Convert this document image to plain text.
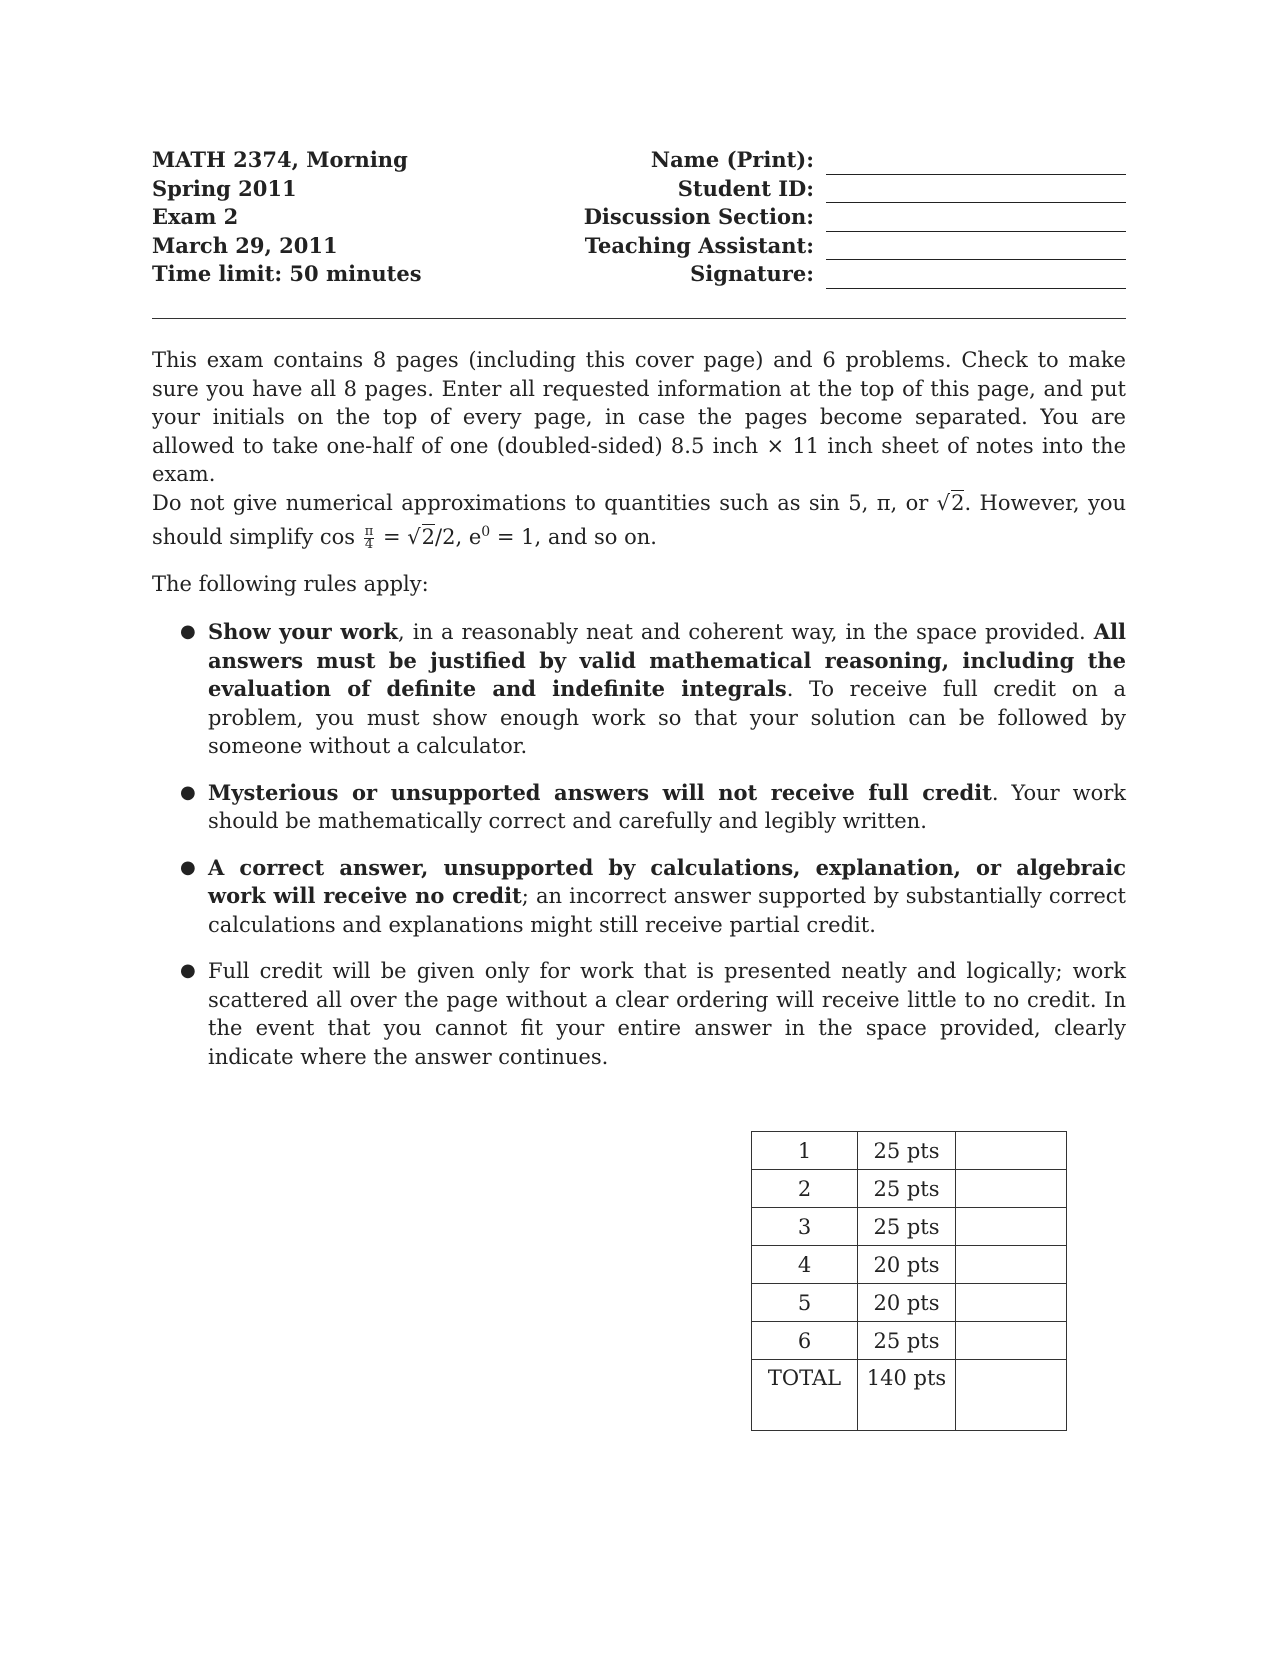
MATH 2374, Morning
Spring 2011
Exam 2
March 29, 2011
Time limit: 50 minutes
Name (Print):
Student ID:
Discussion Section:
Teaching Assistant:
Signature:
This exam contains 8 pages (including this cover page) and 6 problems. Check to make sure you have all 8 pages. Enter all requested information at the top of this page, and put your initials on the top of every page, in case the pages become separated. You are allowed to take one-half of one (doubled-sided) 8.5 inch × 11 inch sheet of notes into the exam.
Do not give numerical approximations to quantities such as sin 5, π, or √2. However, you should simplify $\cos \frac{\pi}{4} = √2/2$, $e^0 = 1$, and so on.
The following rules apply:
● Show your work, in a reasonably neat and coherent way, in the space provided. All answers must be justified by valid mathematical reasoning, including the evaluation of definite and indefinite integrals. To receive full credit on a problem, you must show enough work so that your solution can be followed by someone without a calculator.
● Mysterious or unsupported answers will not receive full credit. Your work should be mathematically correct and carefully and legibly written.
● A correct answer, unsupported by calculations, explanation, or algebraic work will receive no credit; an incorrect answer supported by substantially correct calculations and explanations might still receive partial credit.
● Full credit will be given only for work that is presented neatly and logically; work scattered all over the page without a clear ordering will receive little to no credit. In the event that you cannot fit your entire answer in the space provided, clearly indicate where the answer continues.
1	25 pts	
2	25 pts	
3	25 pts	
4	20 pts	
5	20 pts	
6	25 pts	
TOTAL	140 pts	
